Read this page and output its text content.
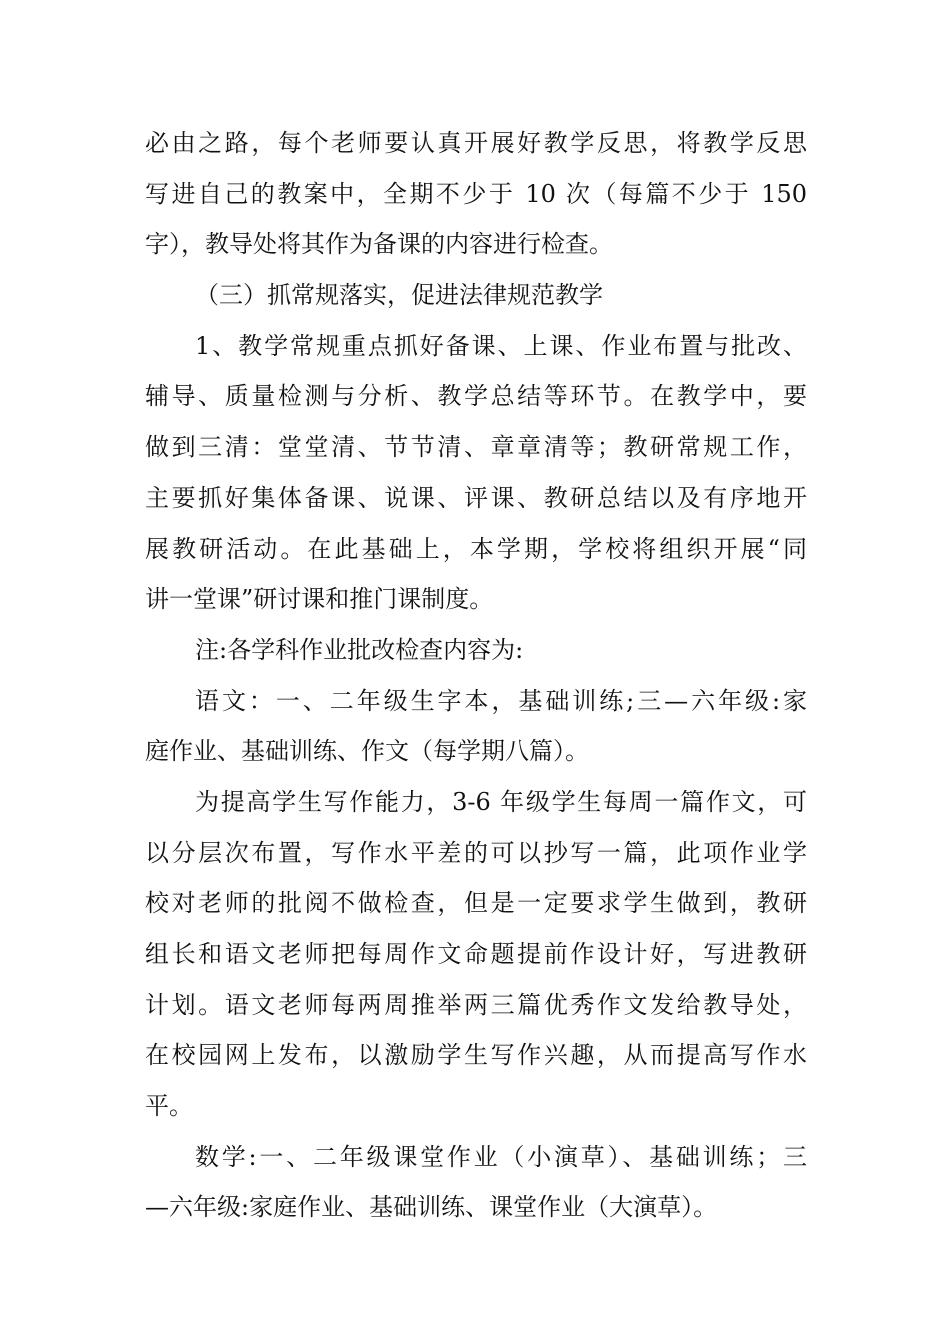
必由之路，每个老师要认真开展好教学反思，将教学反思
写进自己的教案中，全期不少于 10 次（每篇不少于 150
字），教导处将其作为备课的内容进行检查。
（三）抓常规落实，促进法律规范教学
1、教学常规重点抓好备课、上课、作业布置与批改、
辅导、质量检测与分析、教学总结等环节。在教学中，要
做到三清：堂堂清、节节清、章章清等；教研常规工作，
主要抓好集体备课、说课、评课、教研总结以及有序地开
展教研活动。在此基础上，本学期，学校将组织开展“同
讲一堂课”研讨课和推门课制度。
注:各学科作业批改检查内容为:
语文：一、二年级生字本，基础训练;三—六年级:家
庭作业、基础训练、作文（每学期八篇）。
为提高学生写作能力，3-6 年级学生每周一篇作文，可
以分层次布置，写作水平差的可以抄写一篇，此项作业学
校对老师的批阅不做检查，但是一定要求学生做到，教研
组长和语文老师把每周作文命题提前作设计好，写进教研
计划。语文老师每两周推举两三篇优秀作文发给教导处，
在校园网上发布，以激励学生写作兴趣，从而提高写作水
平。
数学:一、二年级课堂作业（小演草）、基础训练；三
—六年级:家庭作业、基础训练、课堂作业（大演草）。
